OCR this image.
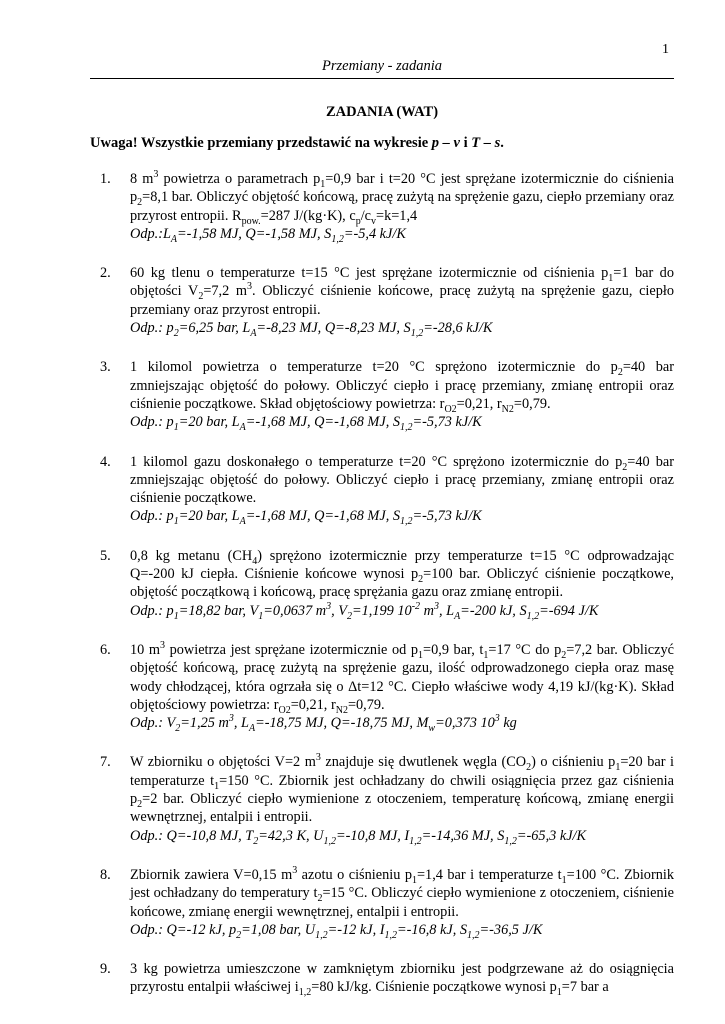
1
Przemiany - zadania
ZADANIA (WAT)
Uwaga! Wszystkie przemiany przedstawić na wykresie p – v i T – s.
1.	8 $m^3$ powietrza o parametrach $p_1=0,9$ bar i t=20 °C jest sprężane izotermicznie do ciśnienia $p_2=8,1$ bar. Obliczyć objętość końcową, pracę zużytą na sprężenie gazu, ciepło przemiany oraz przyrost entropii. $R_{pow.}=287$ J/(kg·K), $c_p/c_v=k=1,4$
$Odp.:L_A=-1,58$ MJ, Q=-1,58 MJ, $S_{1,2}=-5,4$ kJ/K
2.	60 kg tlenu o temperaturze t=15 °C jest sprężane izotermicznie od ciśnienia $p_1=1$ bar do objętości $V_2=7,2$ $m^3$. Obliczyć ciśnienie końcowe, pracę zużytą na sprężenie gazu, ciepło przemiany oraz przyrost entropii.
Odp.: $p_2=6,25$ bar, $L_A=-8,23$ MJ, Q=-8,23 MJ, $S_{1,2}=-28,6$ kJ/K
3.	1 kilomol powietrza o temperaturze t=20 °C sprężono izotermicznie do $p_2=40$ bar zmniejszając objętość do połowy. Obliczyć ciepło i pracę przemiany, zmianę entropii oraz ciśnienie początkowe. Skład objętościowy powietrza: $r_{O2}=0,21$, $r_{N2}=0,79$.
Odp.: $p_1=20$ bar, $L_A=-1,68$ MJ, Q=-1,68 MJ, $S_{1,2}=-5,73$ kJ/K
4.	1 kilomol gazu doskonałego o temperaturze t=20 °C sprężono izotermicznie do $p_2=40$ bar zmniejszając objętość do połowy. Obliczyć ciepło i pracę przemiany, zmianę entropii oraz ciśnienie początkowe.
Odp.: $p_1=20$ bar, $L_A=-1,68$ MJ, Q=-1,68 MJ, $S_{1,2}=-5,73$ kJ/K
5.	0,8 kg metanu $(CH_4)$ sprężono izotermicznie przy temperaturze t=15 °C odprowadzając Q=-200 kJ ciepła. Ciśnienie końcowe wynosi $p_2=100$ bar. Obliczyć ciśnienie początkowe, objętość początkową i końcową, pracę sprężania gazu oraz zmianę entropii.
Odp.: $p_1=18,82$ bar, $V_1=0,0637$ $m^3$, $V_2=1,199$ $10^{-2}$ $m^3$, $L_A=-200$ kJ, $S_{1,2}=-694$ J/K
6.	10 $m^3$ powietrza jest sprężane izotermicznie od $p_1=0,9$ bar, $t_1=17$ °C do $p_2=7,2$ bar. Obliczyć objętość końcową, pracę zużytą na sprężenie gazu, ilość odprowadzonego ciepła oraz masę wody chłodzącej, która ogrzała się o Δt=12 °C. Ciepło właściwe wody 4,19 kJ/(kg·K). Skład objętościowy powietrza: $r_{O2}=0,21$, $r_{N2}=0,79$.
Odp.: $V_2=1,25$ $m^3$, $L_A=-18,75$ MJ, Q=-18,75 MJ, $M_w=0,373$ $10^3$ kg
7.	W zbiorniku o objętości V=2 $m^3$ znajduje się dwutlenek węgla $(CO_2)$ o ciśnieniu $p_1=20$ bar i temperaturze $t_1=150$ °C. Zbiornik jest ochładzany do chwili osiągnięcia przez gaz ciśnienia $p_2=2$ bar. Obliczyć ciepło wymienione z otoczeniem, temperaturę końcową, zmianę energii wewnętrznej, entalpii i entropii.
Odp.: Q=-10,8 MJ, $T_2=42,3$ K, $U_{1,2}=-10,8$ MJ, $I_{1,2}=-14,36$ MJ, $S_{1,2}=-65,3$ kJ/K
8.	Zbiornik zawiera V=0,15 $m^3$ azotu o ciśnieniu $p_1=1,4$ bar i temperaturze $t_1=100$ °C. Zbiornik jest ochładzany do temperatury $t_2=15$ °C. Obliczyć ciepło wymienione z otoczeniem, ciśnienie końcowe, zmianę energii wewnętrznej, entalpii i entropii.
Odp.: Q=-12 kJ, $p_2=1,08$ bar, $U_{1,2}=-12$ kJ, $I_{1,2}=-16,8$ kJ, $S_{1,2}=-36,5$ J/K
9.	3 kg powietrza umieszczone w zamkniętym zbiorniku jest podgrzewane aż do osiągnięcia przyrostu entalpii właściwej $i_{1,2}=80$ kJ/kg. Ciśnienie początkowe wynosi $p_1=7$ bar a
